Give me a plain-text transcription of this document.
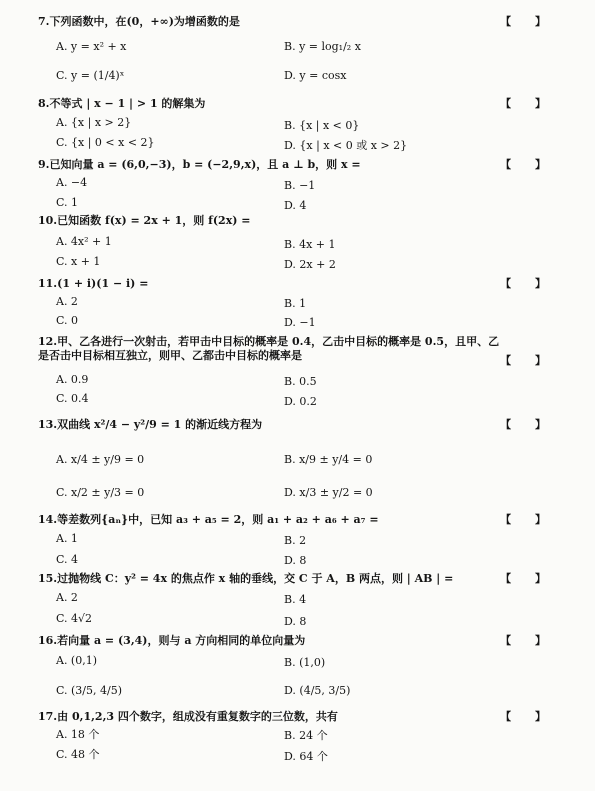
7.下列函数中，在(0，+∞)为增函数的是	【 】
A. y = x² + x	B. y = log₁/₂ x
C. y = (1/4)ˣ	D. y = cosx
8.不等式 | x − 1 | > 1 的解集为	【 】
A. {x | x > 2}	B. {x | x < 0}
C. {x | 0 < x < 2}	D. {x | x < 0 或 x > 2}
9.已知向量 a = (6,0,−3)，b = (−2,9,x)，且 a ⊥ b，则 x =	【 】
A. −4	B. −1
C. 1	D. 4
10.已知函数 f(x) = 2x + 1，则 f(2x) =
A. 4x² + 1	B. 4x + 1
C. x + 1	D. 2x + 2
11.(1 + i)(1 − i) =	【 】
A. 2	B. 1
C. 0	D. −1
12.甲、乙各进行一次射击，若甲击中目标的概率是 0.4，乙击中目标的概率是 0.5，且甲、乙是否击中目标相互独立，则甲、乙都击中目标的概率是	【 】
A. 0.9	B. 0.5
C. 0.4	D. 0.2
13.双曲线 x²/4 − y²/9 = 1 的渐近线方程为	【 】
A. x/4 ± y/9 = 0	B. x/9 ± y/4 = 0
C. x/2 ± y/3 = 0	D. x/3 ± y/2 = 0
14.等差数列{aₙ}中，已知 a₃ + a₅ = 2，则 a₁ + a₂ + a₆ + a₇ =	【 】
A. 1	B. 2
C. 4	D. 8
15.过抛物线 C：y² = 4x 的焦点作 x 轴的垂线，交 C 于 A，B 两点，则 | AB | =	【 】
A. 2	B. 4
C. 4√2	D. 8
16.若向量 a = (3,4)，则与 a 方向相同的单位向量为	【 】
A. (0,1)	B. (1,0)
C. (3/5, 4/5)	D. (4/5, 3/5)
17.由 0,1,2,3 四个数字，组成没有重复数字的三位数，共有	【 】
A. 18 个	B. 24 个
C. 48 个	D. 64 个
